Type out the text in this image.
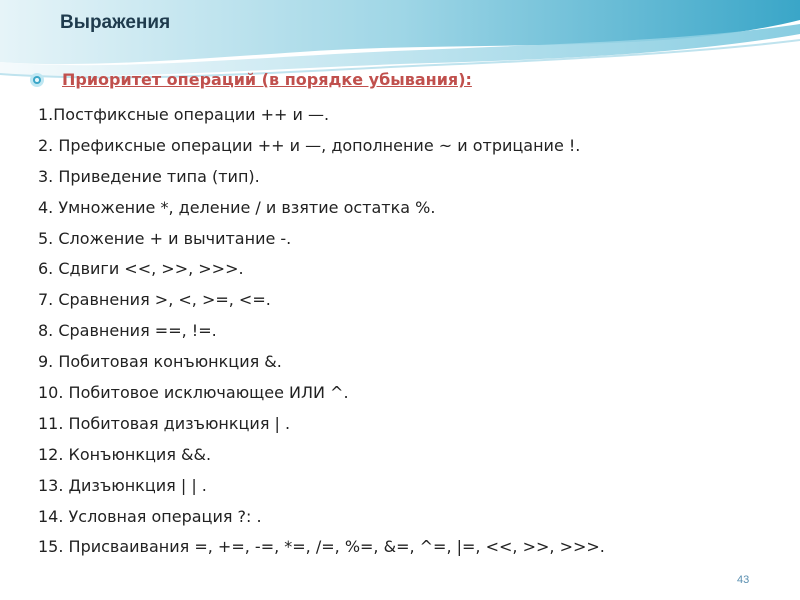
Выражения
Приоритет операций (в порядке убывания):
1.Постфиксные операции ++ и —.
2. Префиксные операции ++ и —, дополнение ~ и отрицание !.
3. Приведение типа (тип).
4. Умножение *, деление / и взятие остатка %.
5. Сложение + и вычитание -.
6. Сдвиги <<, >>, >>>.
7. Сравнения >, <, >=, <=.
8. Сравнения ==, !=.
9. Побитовая конъюнкция &.
10. Побитовое исключающее ИЛИ ^.
11. Побитовая дизъюнкция | .
12. Конъюнкция &&.
13. Дизъюнкция | | .
14. Условная операция ?: .
15. Присваивания =, +=, -=, *=, /=, %=, &=, ^=, |=, <<, >>, >>>.
43
